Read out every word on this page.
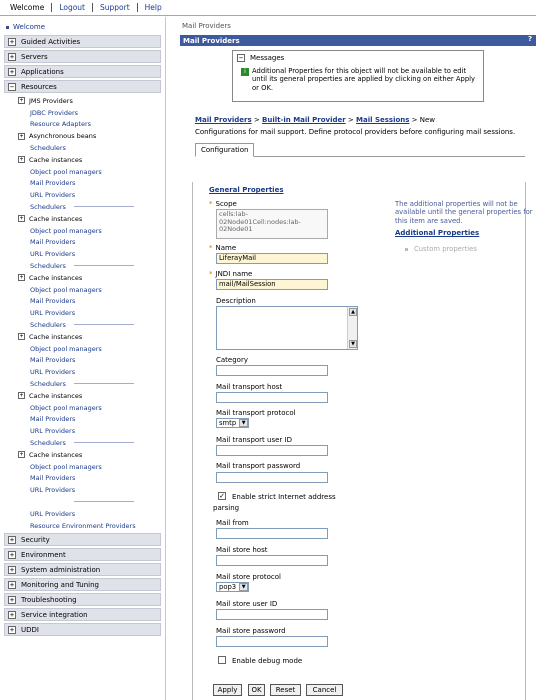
Welcome	Logout	Support	Help
Welcome
+ Guided Activities
+ Servers
+ Applications
− Resources
+ JMS Providers
JDBC Providers
Resource Adapters
+ Asynchronous beans
Schedulers
+ Cache instances
Object pool managers
Mail Providers
URL Providers
Schedulers
+ Cache instances
Object pool managers
Mail Providers
URL Providers
Schedulers
+ Cache instances
Object pool managers
Mail Providers
URL Providers
Schedulers
+ Cache instances
Object pool managers
Mail Providers
URL Providers
Schedulers
+ Cache instances
Object pool managers
Mail Providers
URL Providers
Schedulers
+ Cache instances
Object pool managers
Mail Providers
URL Providers
URL Providers
Resource Environment Providers
+ Security
+ Environment
+ System administration
+ Monitoring and Tuning
+ Troubleshooting
+ Service integration
+ UDDI
Mail Providers
Mail Providers	?
− Messages
i Additional Properties for this object will not be available to edit until its general properties are applied by clicking on either Apply or OK.
Mail Providers > Built-in Mail Provider > Mail Sessions > New
Configurations for mail support. Define protocol providers before configuring mail sessions.
Configuration
General Properties
The additional properties will not be available until the general properties for this item are saved.
Additional Properties
Custom properties
* Scope
cells:lab-02Node01Cell:nodes:lab-02Node01
* Name
LiferayMail
* JNDI name
mail/MailSession
Description
▲
▼
Category
Mail transport host
Mail transport protocol
smtp	▼
Mail transport user ID
Mail transport password
✓ Enable strict Internet address
parsing
Mail from
Mail store host
Mail store protocol
pop3	▼
Mail store user ID
Mail store password
Enable debug mode
Apply	OK	Reset	Cancel
